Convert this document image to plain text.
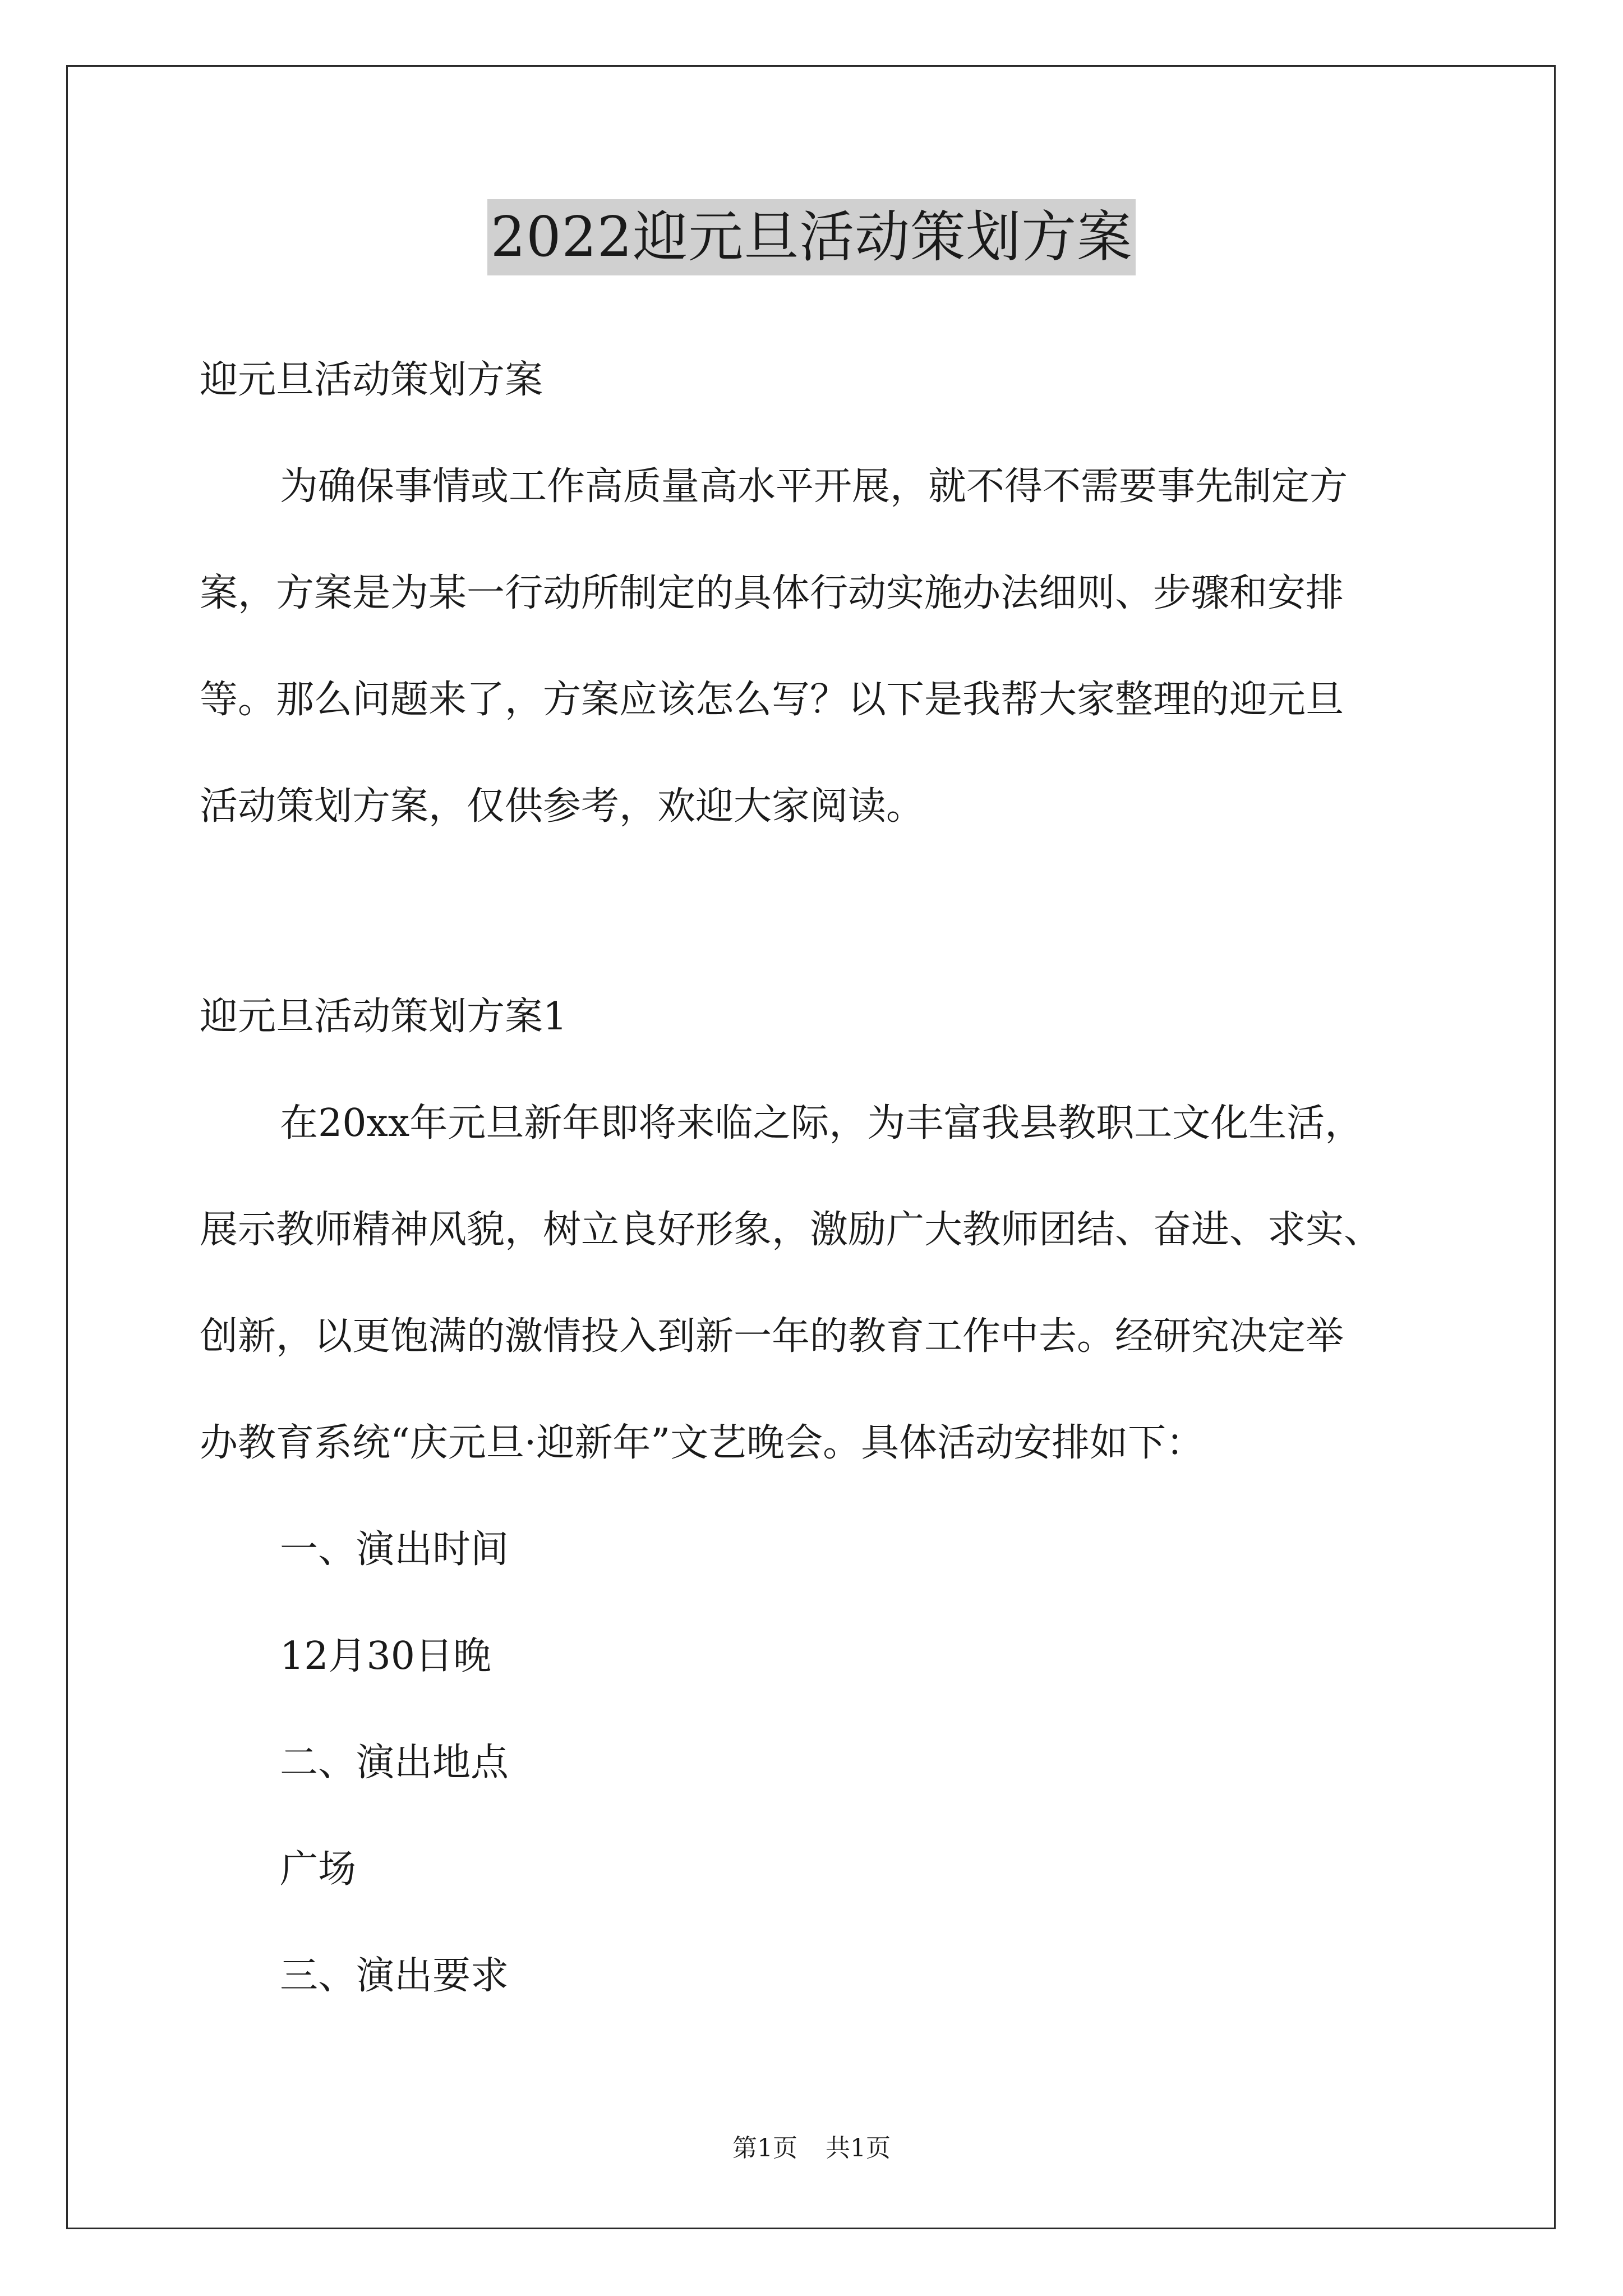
2022迎元旦活动策划方案

迎元旦活动策划方案

为确保事情或工作高质量高水平开展，就不得不需要事先制定方

案，方案是为某一行动所制定的具体行动实施办法细则、步骤和安排

等。那么问题来了，方案应该怎么写？以下是我帮大家整理的迎元旦

活动策划方案，仅供参考，欢迎大家阅读。

迎元旦活动策划方案1

在20xx年元旦新年即将来临之际，为丰富我县教职工文化生活，

展示教师精神风貌，树立良好形象，激励广大教师团结、奋进、求实、

创新，以更饱满的激情投入到新一年的教育工作中去。经研究决定举

办教育系统“庆元旦·迎新年”文艺晚会。具体活动安排如下：

一、演出时间

12月30日晚

二、演出地点

广场

三、演出要求

第1页 共1页
